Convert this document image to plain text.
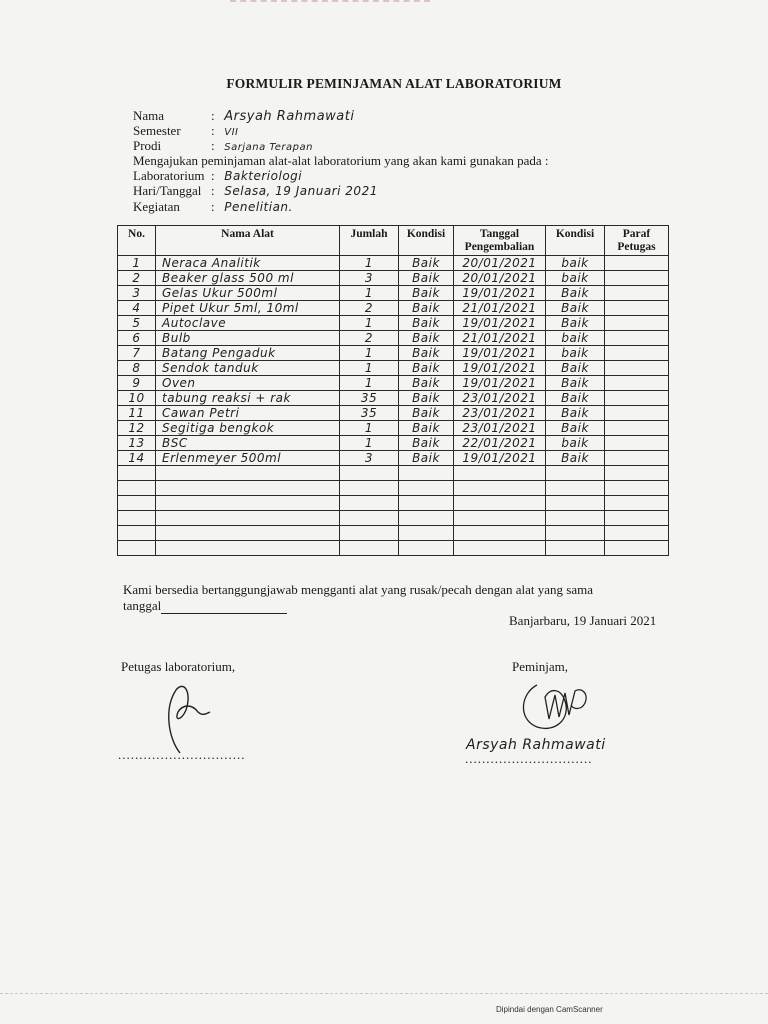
FORMULIR PEMINJAMAN ALAT LABORATORIUM
Nama	: Arsyah Rahmawati
Semester : VII
Prodi	: Sarjana Terapan
Mengajukan peminjaman alat-alat laboratorium yang akan kami gunakan pada :
Laboratorium : Bakteriologi
Hari/Tanggal : Selasa, 19 Januari 2021
Kegiatan : Penelitian.
No.	Nama Alat	Jumlah	Kondisi	Tanggal Pengembalian	Kondisi	Paraf Petugas
1	Neraca Analitik	1	Baik	20/01/2021	baik	
2	Beaker glass 500 ml	3	Baik	20/01/2021	baik	
3	Gelas Ukur 500ml	1	Baik	19/01/2021	Baik	
4	Pipet Ukur 5ml, 10ml	2	Baik	21/01/2021	Baik	
5	Autoclave	1	Baik	19/01/2021	Baik	
6	Bulb	2	Baik	21/01/2021	baik	
7	Batang Pengaduk	1	Baik	19/01/2021	baik	
8	Sendok tanduk	1	Baik	19/01/2021	Baik	
9	Oven	1	Baik	19/01/2021	Baik	
10	tabung reaksi + rak	35	Baik	23/01/2021	Baik	
11	Cawan Petri	35	Baik	23/01/2021	Baik	
12	Segitiga bengkok	1	Baik	23/01/2021	Baik	
13	BSC	1	Baik	22/01/2021	baik	
14	Erlenmeyer 500ml	3	Baik	19/01/2021	Baik	

Kami bersedia bertanggungjawab mengganti alat yang rusak/pecah dengan alat yang sama
tanggal
Banjarbaru, 19 Januari 2021
Petugas laboratorium,	Peminjam,
..............................
Arsyah Rahmawati
..............................
Dipindai dengan CamScanner
